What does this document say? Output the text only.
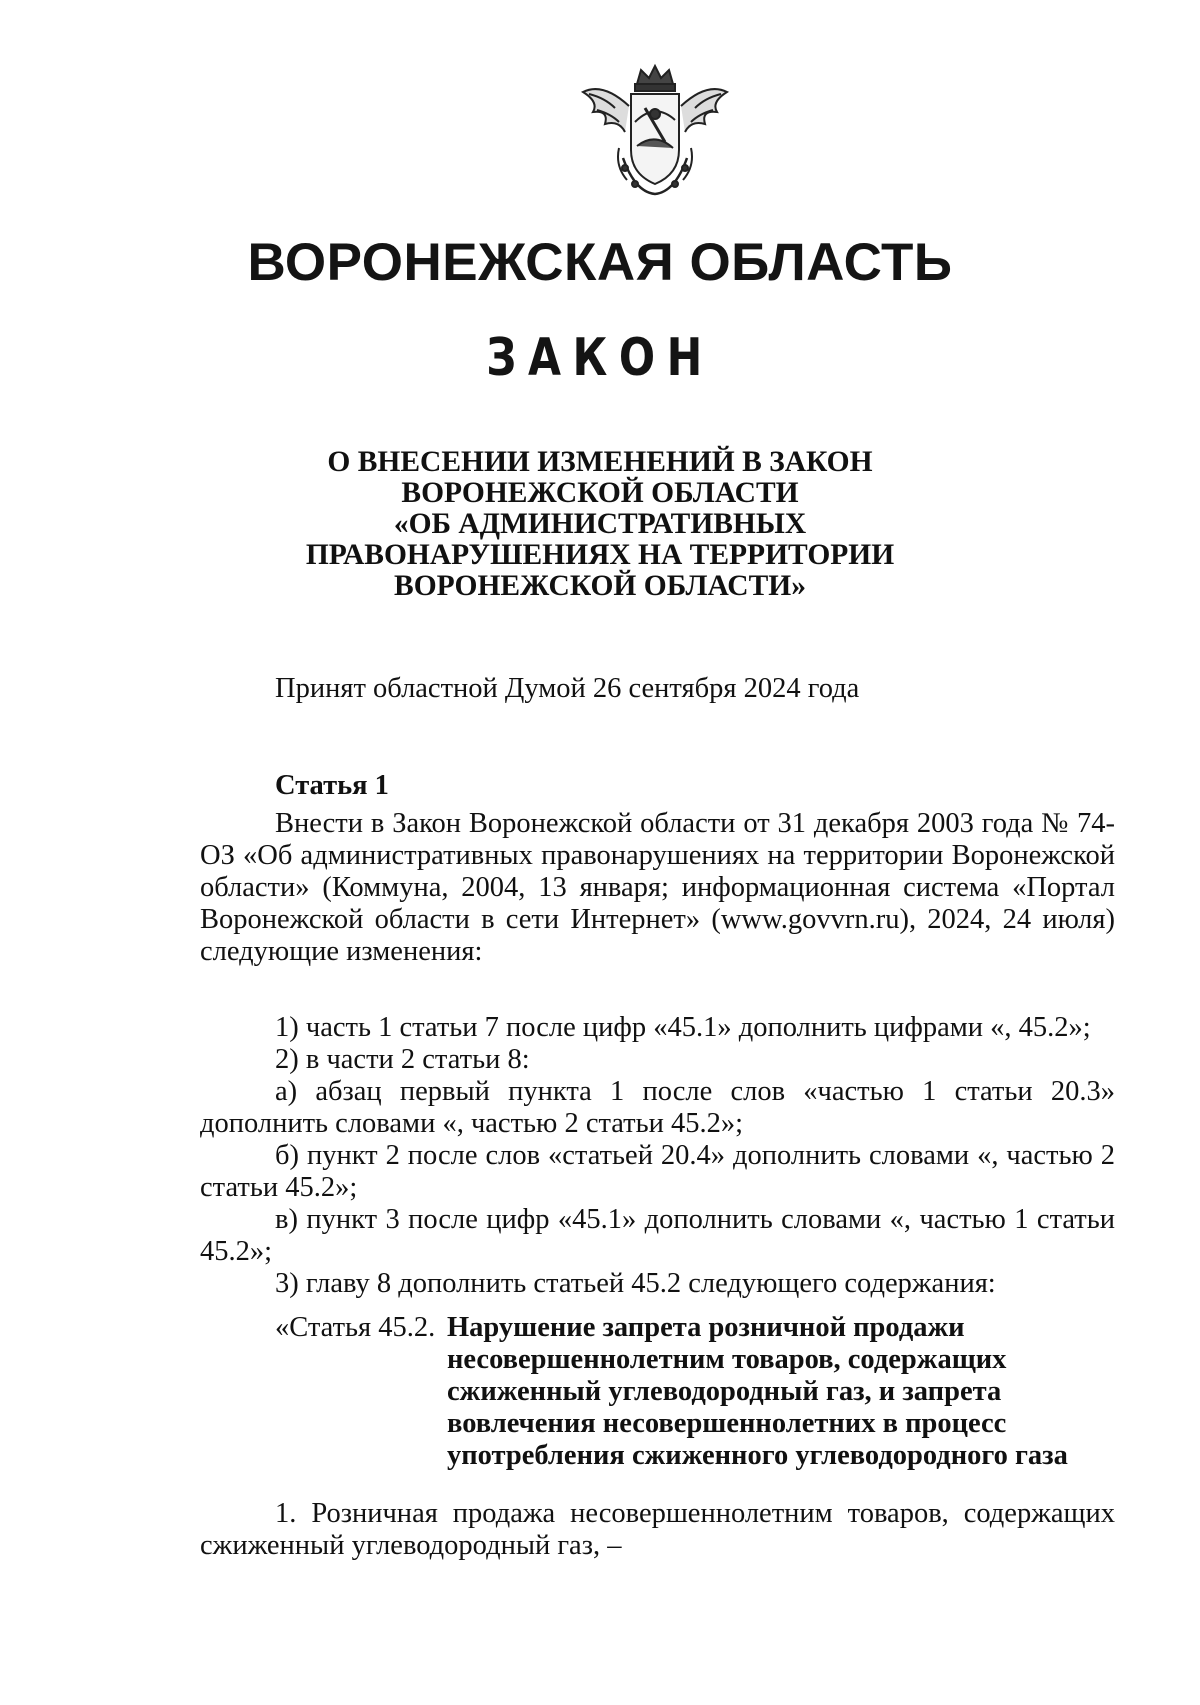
ВОРОНЕЖСКАЯ ОБЛАСТЬ
ЗАКОН
О ВНЕСЕНИИ ИЗМЕНЕНИЙ В ЗАКОН
ВОРОНЕЖСКОЙ ОБЛАСТИ
«ОБ АДМИНИСТРАТИВНЫХ
ПРАВОНАРУШЕНИЯХ НА ТЕРРИТОРИИ
ВОРОНЕЖСКОЙ ОБЛАСТИ»
Принят областной Думой 26 сентября 2024 года
Статья 1
Внести в Закон Воронежской области от 31 декабря 2003 года № 74-ОЗ «Об административных правонарушениях на территории Воронежской области» (Коммуна, 2004, 13 января; информационная система «Портал Воронежской области в сети Интернет» (www.govvrn.ru), 2024, 24 июля) следующие изменения:
1) часть 1 статьи 7 после цифр «45.1» дополнить цифрами «, 45.2»;
2) в части 2 статьи 8:
а) абзац первый пункта 1 после слов «частью 1 статьи 20.3» дополнить словами «, частью 2 статьи 45.2»;
б) пункт 2 после слов «статьей 20.4» дополнить словами «, частью 2 статьи 45.2»;
в) пункт 3 после цифр «45.1» дополнить словами «, частью 1 статьи 45.2»;
3) главу 8 дополнить статьей 45.2 следующего содержания:
«Статья 45.2. Нарушение запрета розничной продажи
несовершеннолетним товаров, содержащих
сжиженный углеводородный газ, и запрета
вовлечения несовершеннолетних в процесс
употребления сжиженного углеводородного газа
1. Розничная продажа несовершеннолетним товаров, содержащих сжиженный углеводородный газ, –
